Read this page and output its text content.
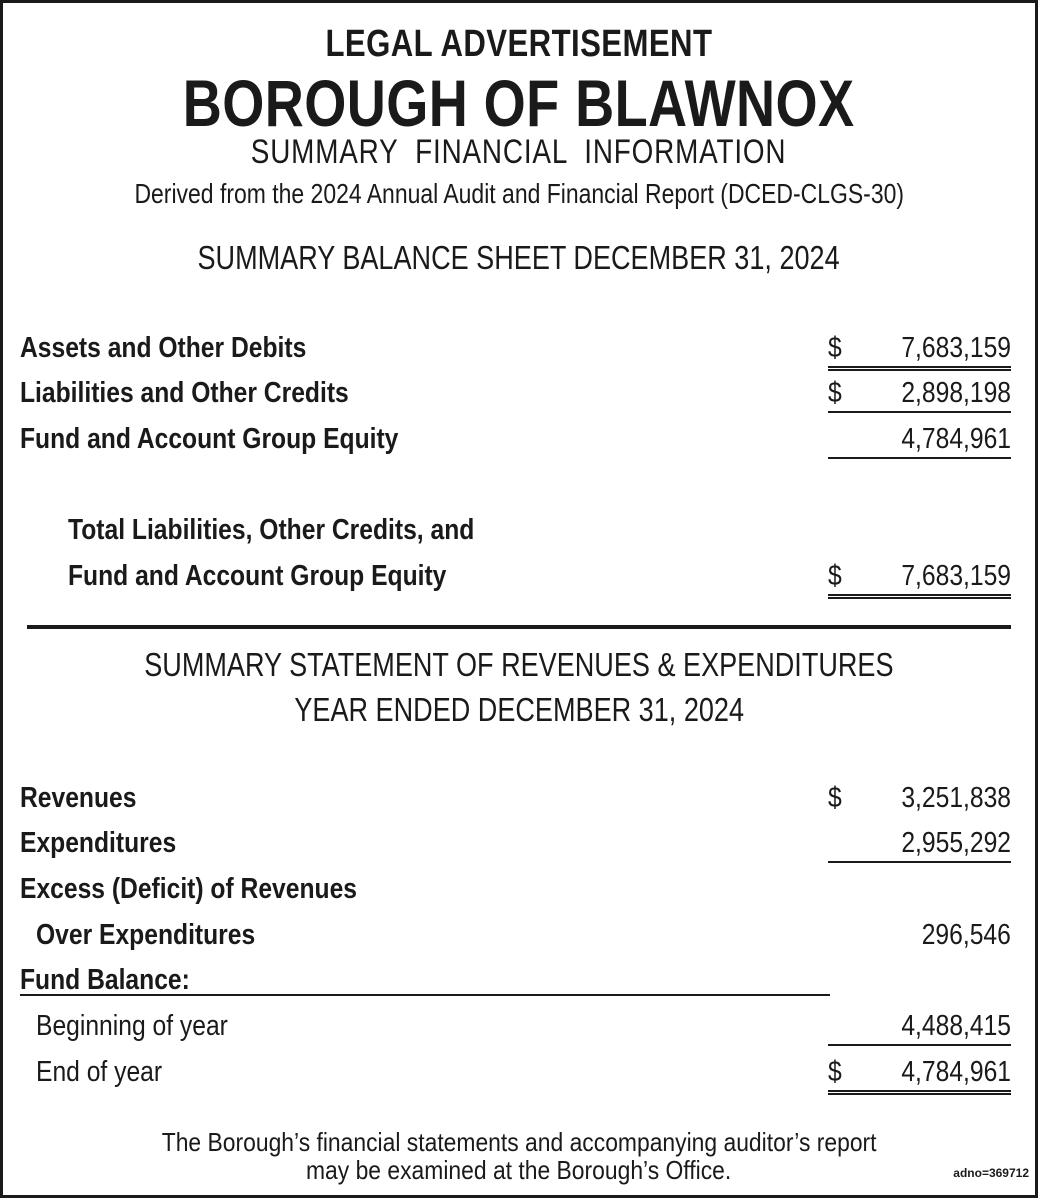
LEGAL ADVERTISEMENT
BOROUGH OF BLAWNOX
SUMMARY  FINANCIAL  INFORMATION
Derived from the 2024 Annual Audit and Financial Report (DCED-CLGS-30)
SUMMARY BALANCE SHEET DECEMBER 31, 2024
Assets and Other Debits	$ 7,683,159
Liabilities and Other Credits	$ 2,898,198
Fund and Account Group Equity	4,784,961
Total Liabilities, Other Credits, and
Fund and Account Group Equity	$ 7,683,159
SUMMARY STATEMENT OF REVENUES & EXPENDITURES
YEAR ENDED DECEMBER 31, 2024
Revenues	$ 3,251,838
Expenditures	2,955,292
Excess (Deficit) of Revenues
Over Expenditures	296,546
Fund Balance:
Beginning of year	4,488,415
End of year	$ 4,784,961
The Borough’s financial statements and accompanying auditor’s report
may be examined at the Borough’s Office.	adno=369712
